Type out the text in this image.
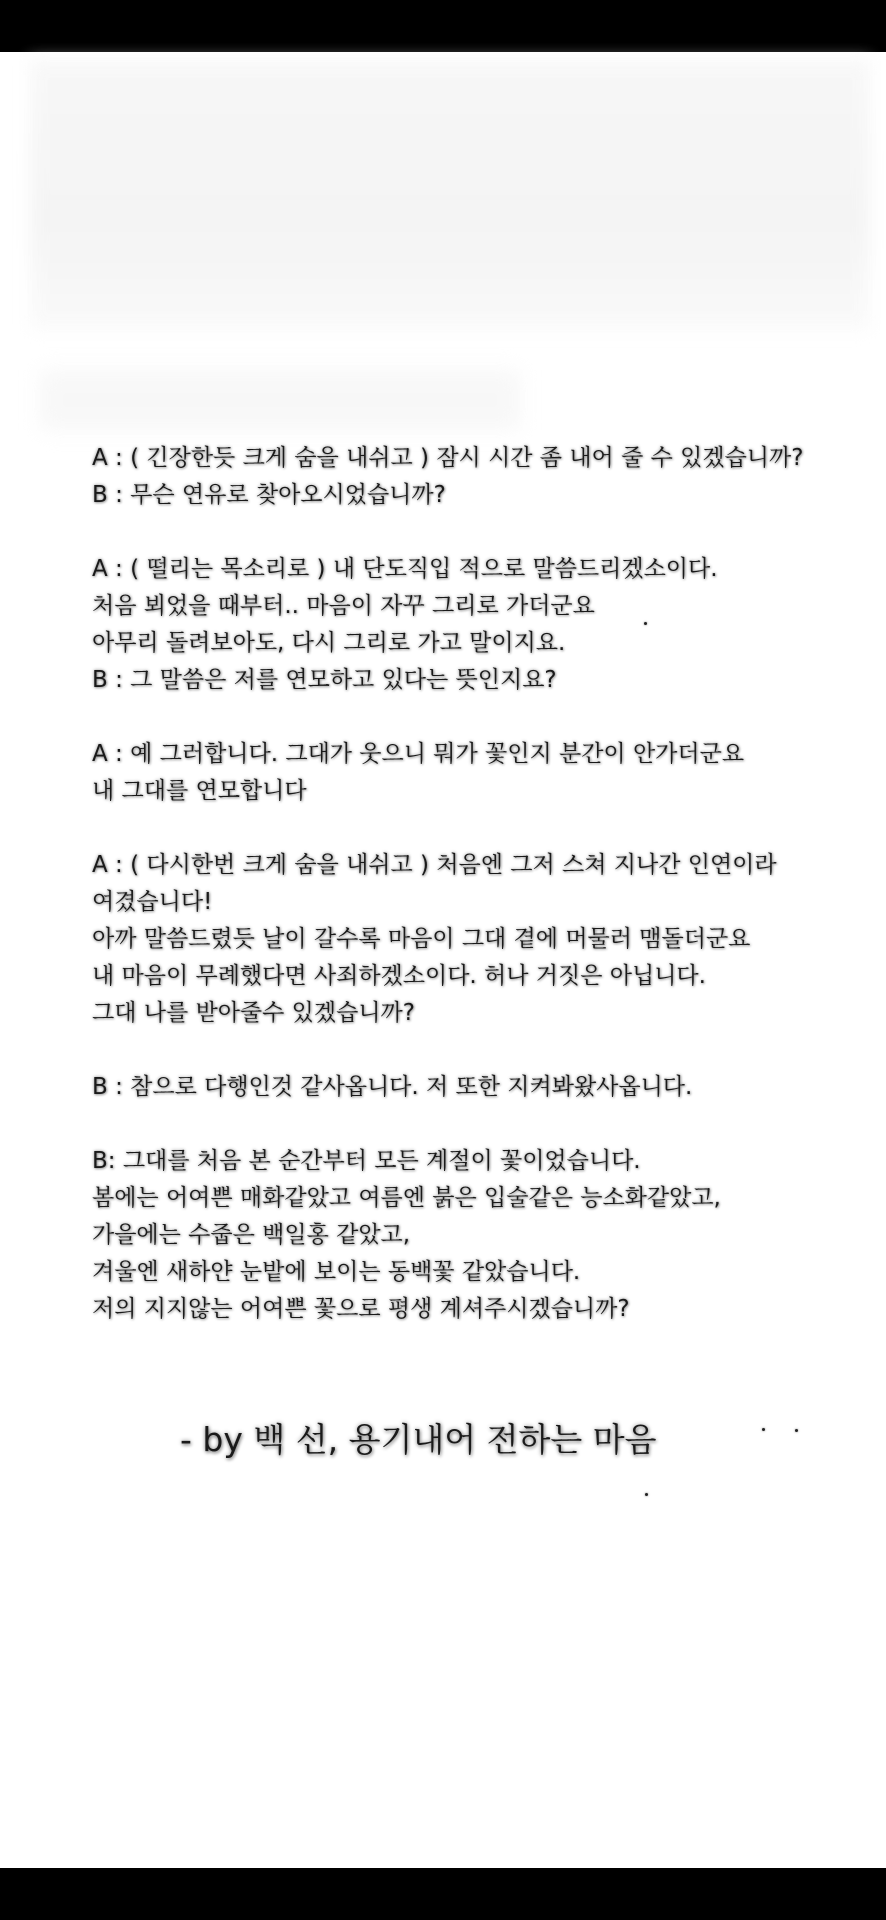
A : ( 긴장한듯 크게 숨을 내쉬고 ) 잠시 시간 좀 내어 줄 수 있겠습니까?
B : 무슨 연유로 찾아오시었습니까?
A : ( 떨리는 목소리로 ) 내 단도직입 적으로 말씀드리겠소이다.
처음 뵈었을 때부터.. 마음이 자꾸 그리로 가더군요
아무리 돌려보아도, 다시 그리로 가고 말이지요.
B : 그 말씀은 저를 연모하고 있다는 뜻인지요?
A : 예 그러합니다. 그대가 웃으니 뭐가 꽃인지 분간이 안가더군요
내 그대를 연모합니다
A : ( 다시한번 크게 숨을 내쉬고 ) 처음엔 그저 스쳐 지나간 인연이라
여겼습니다!
아까 말씀드렸듯 날이 갈수록 마음이 그대 곁에 머물러 맴돌더군요
내 마음이 무례했다면 사죄하겠소이다. 허나 거짓은 아닙니다.
그대 나를 받아줄수 있겠습니까?
B : 참으로 다행인것 같사옵니다. 저 또한 지켜봐왔사옵니다.
B: 그대를 처음 본 순간부터 모든 계절이 꽃이었습니다.
봄에는 어여쁜 매화같았고 여름엔 붉은 입술같은 능소화같았고,
가을에는 수줍은 백일홍 같았고,
겨울엔 새하얀 눈밭에 보이는 동백꽃 같았습니다.
저의 지지않는 어여쁜 꽃으로 평생 계셔주시겠습니까?
- by 백 선, 용기내어 전하는 마음
